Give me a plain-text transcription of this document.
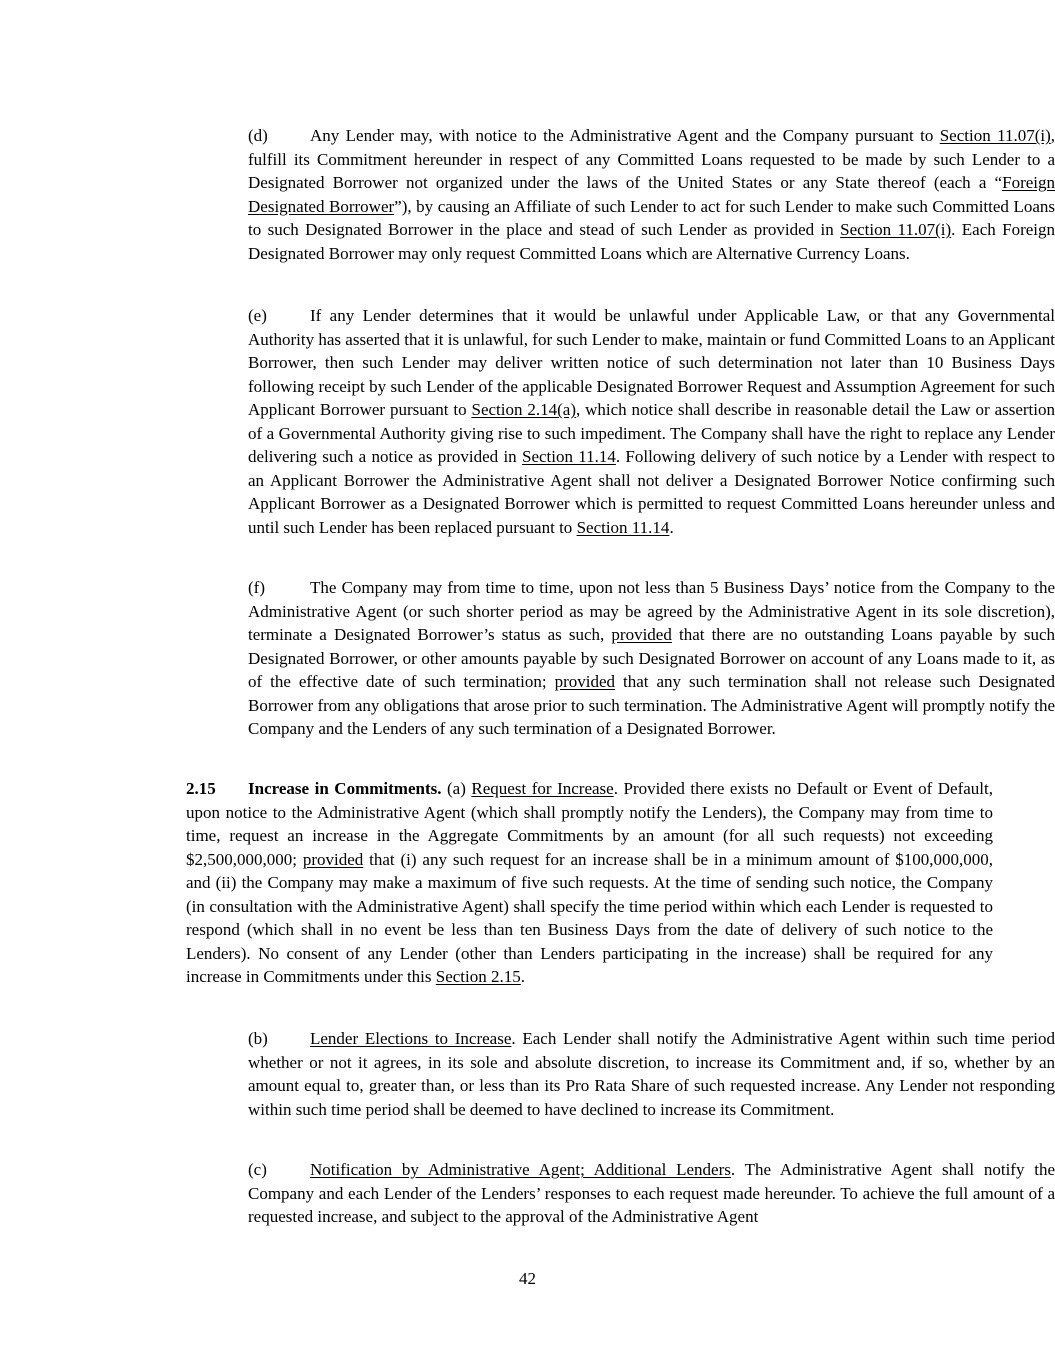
(d) Any Lender may, with notice to the Administrative Agent and the Company pursuant to Section 11.07(i), fulfill its Commitment hereunder in respect of any Committed Loans requested to be made by such Lender to a Designated Borrower not organized under the laws of the United States or any State thereof (each a “Foreign Designated Borrower”), by causing an Affiliate of such Lender to act for such Lender to make such Committed Loans to such Designated Borrower in the place and stead of such Lender as provided in Section 11.07(i). Each Foreign Designated Borrower may only request Committed Loans which are Alternative Currency Loans.

(e)	If any Lender determines that it would be unlawful under Applicable Law, or that any Governmental Authority has asserted that it is unlawful, for such Lender to make, maintain or fund Committed Loans to an Applicant Borrower, then such Lender may deliver written notice of such determination not later than 10 Business Days following receipt by such Lender of the applicable Designated Borrower Request and Assumption Agreement for such Applicant Borrower pursuant to Section 2.14(a), which notice shall describe in reasonable detail the Law or assertion of a Governmental Authority giving rise to such impediment. The Company shall have the right to replace any Lender delivering such a notice as provided in Section 11.14. Following delivery of such notice by a Lender with respect to an Applicant Borrower the Administrative Agent shall not deliver a Designated Borrower Notice confirming such Applicant Borrower as a Designated Borrower which is permitted to request Committed Loans hereunder unless and until such Lender has been replaced pursuant to Section 11.14.

(f)	The Company may from time to time, upon not less than 5 Business Days’ notice from the Company to the Administrative Agent (or such shorter period as may be agreed by the Administrative Agent in its sole discretion), terminate a Designated Borrower’s status as such, provided that there are no outstanding Loans payable by such Designated Borrower, or other amounts payable by such Designated Borrower on account of any Loans made to it, as of the effective date of such termination; provided that any such termination shall not release such Designated Borrower from any obligations that arose prior to such termination. The Administrative Agent will promptly notify the Company and the Lenders of any such termination of a Designated Borrower.

2.15 Increase in Commitments. (a) Request for Increase. Provided there exists no Default or Event of Default, upon notice to the Administrative Agent (which shall promptly notify the Lenders), the Company may from time to time, request an increase in the Aggregate Commitments by an amount (for all such requests) not exceeding $2,500,000,000; provided that (i) any such request for an increase shall be in a minimum amount of $100,000,000, and (ii) the Company may make a maximum of five such requests. At the time of sending such notice, the Company (in consultation with the Administrative Agent) shall specify the time period within which each Lender is requested to respond (which shall in no event be less than ten Business Days from the date of delivery of such notice to the Lenders). No consent of any Lender (other than Lenders participating in the increase) shall be required for any increase in Commitments under this Section 2.15.

(b) Lender Elections to Increase. Each Lender shall notify the Administrative Agent within such time period whether or not it agrees, in its sole and absolute discretion, to increase its Commitment and, if so, whether by an amount equal to, greater than, or less than its Pro Rata Share of such requested increase. Any Lender not responding within such time period shall be deemed to have declined to increase its Commitment.

(c)	Notification by Administrative Agent; Additional Lenders. The Administrative Agent shall notify the Company and each Lender of the Lenders’ responses to each request made hereunder. To achieve the full amount of a requested increase, and subject to the approval of the Administrative Agent

42
